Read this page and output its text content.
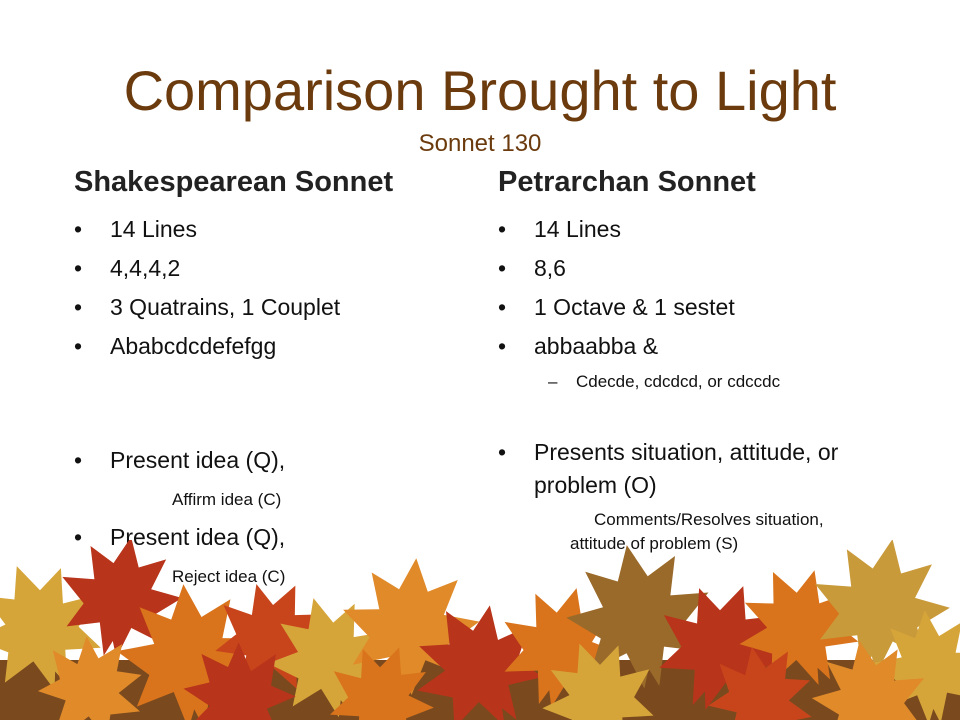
Comparison Brought to Light
Sonnet 130
Shakespearean Sonnet
• 14 Lines
• 4,4,4,2
• 3 Quatrains, 1 Couplet
• Ababcdcdefefgg
• Present idea (Q),
Affirm idea (C)
• Present idea (Q),
Reject idea (C)
Petrarchan Sonnet
• 14 Lines
• 8,6
• 1 Octave & 1 sestet
• abbaabba &
– Cdecde, cdcdcd, or cdccdc
• Presents situation, attitude, or
problem (O)
Comments/Resolves situation,
attitude of problem (S)
